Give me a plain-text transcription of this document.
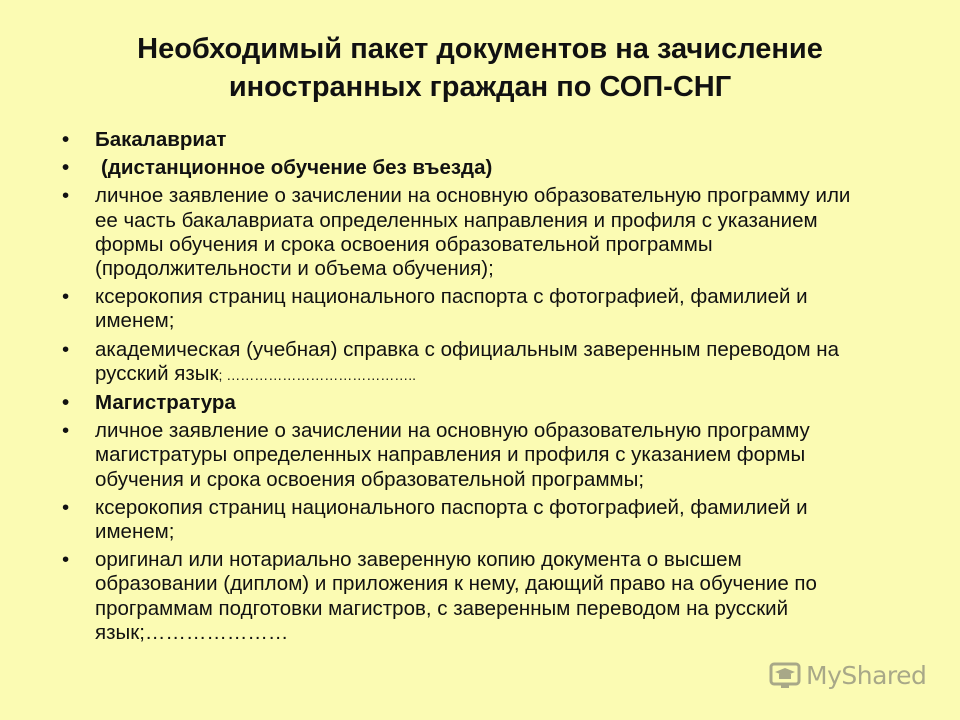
Необходимый пакет документов на зачисление
иностранных граждан по СОП-СНГ
• Бакалавриат
• (дистанционное обучение без въезда)
• личное заявление о зачислении на основную образовательную программу или ее часть бакалавриата определенных направления и профиля с указанием формы обучения и срока освоения образовательной программы (продолжительности и объема обучения);
• ксерокопия страниц национального паспорта с фотографией, фамилией и именем;
• академическая (учебная) справка с официальным заверенным переводом на русский язык; …………………………………..
• Магистратура
• личное заявление о зачислении на основную образовательную программу магистратуры определенных направления и профиля с указанием формы обучения и срока освоения образовательной программы;
• ксерокопия страниц национального паспорта с фотографией, фамилией и именем;
• оригинал или нотариально заверенную копию документа о высшем образовании (диплом) и приложения к нему, дающий право на обучение по программам подготовки магистров, с заверенным переводом на русский язык;…………………
MyShared
